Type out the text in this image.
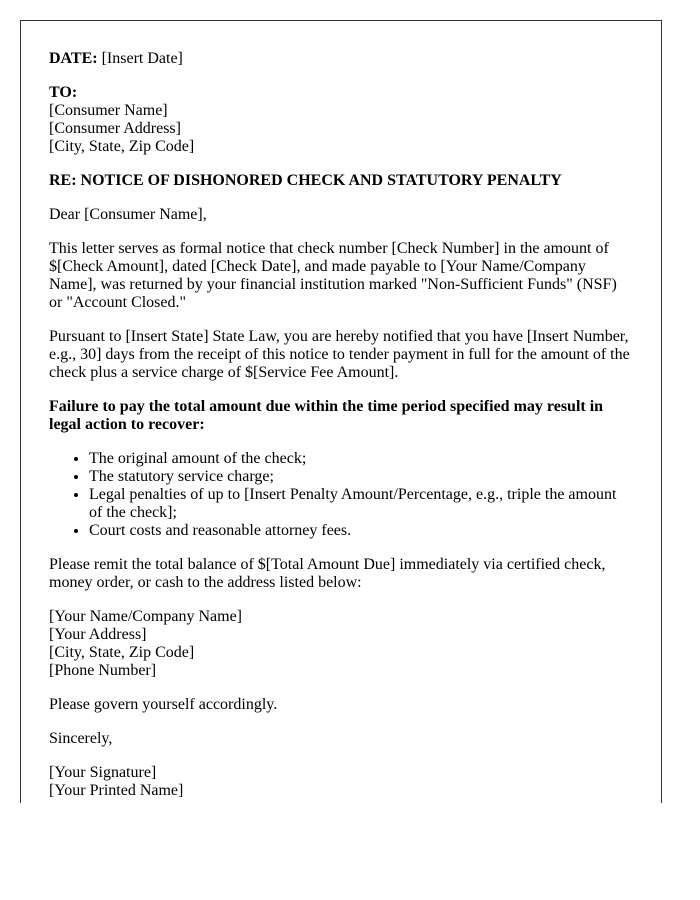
DATE: [Insert Date]

TO:
[Consumer Name]
[Consumer Address]
[City, State, Zip Code]

RE: NOTICE OF DISHONORED CHECK AND STATUTORY PENALTY

Dear [Consumer Name],

This letter serves as formal notice that check number [Check Number] in the amount of $[Check Amount], dated [Check Date], and made payable to [Your Name/Company Name], was returned by your financial institution marked "Non-Sufficient Funds" (NSF) or "Account Closed."

Pursuant to [Insert State] State Law, you are hereby notified that you have [Insert Number, e.g., 30] days from the receipt of this notice to tender payment in full for the amount of the check plus a service charge of $[Service Fee Amount].

Failure to pay the total amount due within the time period specified may result in legal action to recover:

• The original amount of the check;
• The statutory service charge;
• Legal penalties of up to [Insert Penalty Amount/Percentage, e.g., triple the amount of the check];
• Court costs and reasonable attorney fees.

Please remit the total balance of $[Total Amount Due] immediately via certified check, money order, or cash to the address listed below:

[Your Name/Company Name]
[Your Address]
[City, State, Zip Code]
[Phone Number]

Please govern yourself accordingly.

Sincerely,

[Your Signature]
[Your Printed Name]
